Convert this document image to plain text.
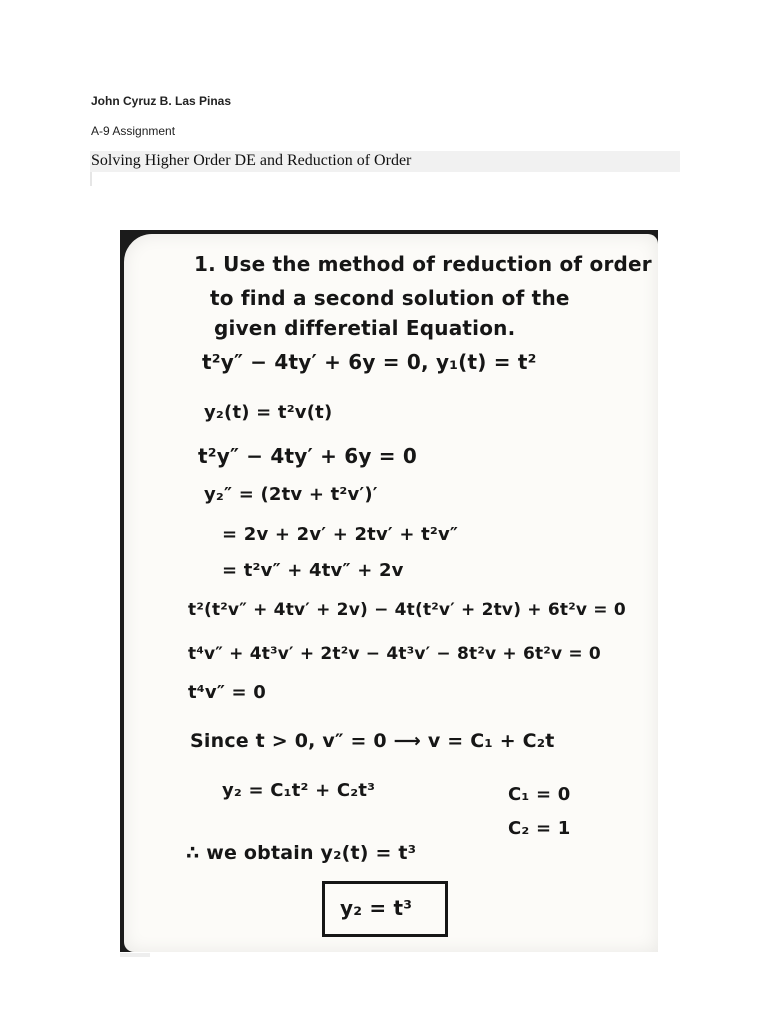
John Cyruz B. Las Pinas
A-9 Assignment
Solving Higher Order DE and Reduction of Order
1. Use the method of reduction of order
to find a second solution of the
given differetial Equation.
t²y″ − 4ty′ + 6y = 0, y₁(t) = t²
y₂(t) = t²v(t)
t²y″ − 4ty′ + 6y = 0
y₂″ = (2tv + t²v′)′
= 2v + 2v′ + 2tv′ + t²v″
= t²v″ + 4tv″ + 2v
t²(t²v″ + 4tv′ + 2v) − 4t(t²v′ + 2tv) + 6t²v = 0
t⁴v″ + 4t³v′ + 2t²v − 4t³v′ − 8t²v + 6t²v = 0
t⁴v″ = 0
Since t > 0, v″ = 0 ⟶ v = C₁ + C₂t
y₂ = C₁t² + C₂t³	C₁ = 0
C₂ = 1
∴ we obtain y₂(t) = t³
y₂ = t³
